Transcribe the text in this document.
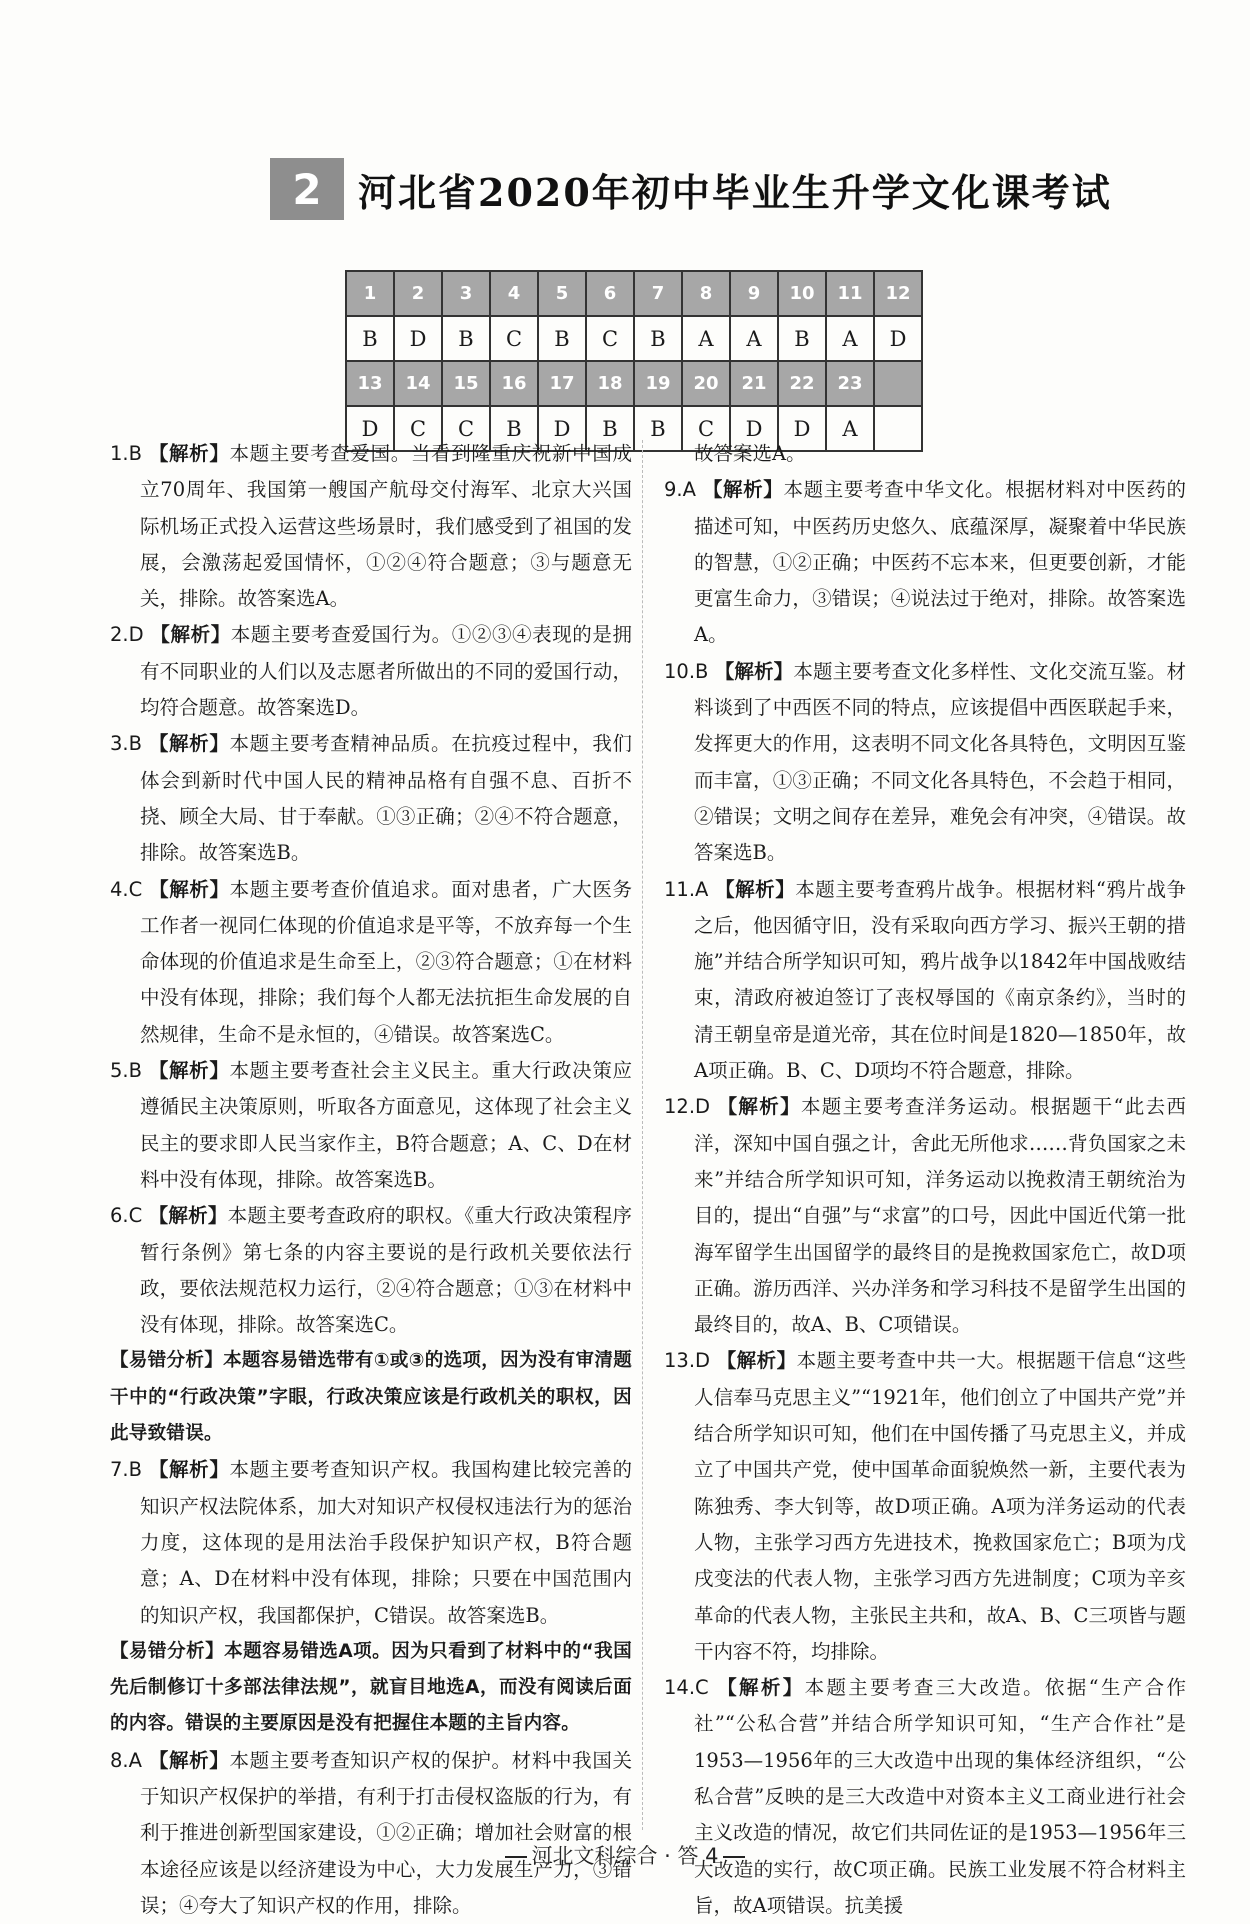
2 河北省2020年初中毕业生升学文化课考试
1	2	3	4	5	6	7	8	9	10	11	12
B	D	B	C	B	C	B	A	A	B	A	D
13	14	15	16	17	18	19	20	21	22	23	
D	C	C	B	D	B	B	C	D	D	A	

1.B 【解析】本题主要考查爱国。当看到隆重庆祝新中国成立70周年、我国第一艘国产航母交付海军、北京大兴国际机场正式投入运营这些场景时，我们感受到了祖国的发展，会激荡起爱国情怀，①②④符合题意；③与题意无关，排除。故答案选A。

2.D 【解析】本题主要考查爱国行为。①②③④表现的是拥有不同职业的人们以及志愿者所做出的不同的爱国行动，均符合题意。故答案选D。

3.B 【解析】本题主要考查精神品质。在抗疫过程中，我们体会到新时代中国人民的精神品格有自强不息、百折不挠、顾全大局、甘于奉献。①③正确；②④不符合题意，排除。故答案选B。

4.C 【解析】本题主要考查价值追求。面对患者，广大医务工作者一视同仁体现的价值追求是平等，不放弃每一个生命体现的价值追求是生命至上，②③符合题意；①在材料中没有体现，排除；我们每个人都无法抗拒生命发展的自然规律，生命不是永恒的，④错误。故答案选C。

5.B 【解析】本题主要考查社会主义民主。重大行政决策应遵循民主决策原则，听取各方面意见，这体现了社会主义民主的要求即人民当家作主，B符合题意；A、C、D在材料中没有体现，排除。故答案选B。

6.C 【解析】本题主要考查政府的职权。《重大行政决策程序暂行条例》第七条的内容主要说的是行政机关要依法行政，要依法规范权力运行，②④符合题意；①③在材料中没有体现，排除。故答案选C。

【易错分析】本题容易错选带有①或③的选项，因为没有审清题干中的“行政决策”字眼，行政决策应该是行政机关的职权，因此导致错误。

7.B 【解析】本题主要考查知识产权。我国构建比较完善的知识产权法院体系，加大对知识产权侵权违法行为的惩治力度，这体现的是用法治手段保护知识产权，B符合题意；A、D在材料中没有体现，排除；只要在中国范围内的知识产权，我国都保护，C错误。故答案选B。

【易错分析】本题容易错选A项。因为只看到了材料中的“我国先后制修订十多部法律法规”，就盲目地选A，而没有阅读后面的内容。错误的主要原因是没有把握住本题的主旨内容。

8.A 【解析】本题主要考查知识产权的保护。材料中我国关于知识产权保护的举措，有利于打击侵权盗版的行为，有利于推进创新型国家建设，①②正确；增加社会财富的根本途径应该是以经济建设为中心，大力发展生产力，③错误；④夸大了知识产权的作用，排除。

故答案选A。

9.A 【解析】本题主要考查中华文化。根据材料对中医药的描述可知，中医药历史悠久、底蕴深厚，凝聚着中华民族的智慧，①②正确；中医药不忘本来，但更要创新，才能更富生命力，③错误；④说法过于绝对，排除。故答案选A。

10.B 【解析】本题主要考查文化多样性、文化交流互鉴。材料谈到了中西医不同的特点，应该提倡中西医联起手来，发挥更大的作用，这表明不同文化各具特色，文明因互鉴而丰富，①③正确；不同文化各具特色，不会趋于相同，②错误；文明之间存在差异，难免会有冲突，④错误。故答案选B。

11.A 【解析】本题主要考查鸦片战争。根据材料“鸦片战争之后，他因循守旧，没有采取向西方学习、振兴王朝的措施”并结合所学知识可知，鸦片战争以1842年中国战败结束，清政府被迫签订了丧权辱国的《南京条约》，当时的清王朝皇帝是道光帝，其在位时间是1820—1850年，故A项正确。B、C、D项均不符合题意，排除。

12.D 【解析】本题主要考查洋务运动。根据题干“此去西洋，深知中国自强之计，舍此无所他求……背负国家之未来”并结合所学知识可知，洋务运动以挽救清王朝统治为目的，提出“自强”与“求富”的口号，因此中国近代第一批海军留学生出国留学的最终目的是挽救国家危亡，故D项正确。游历西洋、兴办洋务和学习科技不是留学生出国的最终目的，故A、B、C项错误。

13.D 【解析】本题主要考查中共一大。根据题干信息“这些人信奉马克思主义”“1921年，他们创立了中国共产党”并结合所学知识可知，他们在中国传播了马克思主义，并成立了中国共产党，使中国革命面貌焕然一新，主要代表为陈独秀、李大钊等，故D项正确。A项为洋务运动的代表人物，主张学习西方先进技术，挽救国家危亡；B项为戊戌变法的代表人物，主张学习西方先进制度；C项为辛亥革命的代表人物，主张民主共和，故A、B、C三项皆与题干内容不符，均排除。

14.C 【解析】本题主要考查三大改造。依据“生产合作社”“公私合营”并结合所学知识可知，“生产合作社”是1953—1956年的三大改造中出现的集体经济组织，“公私合营”反映的是三大改造中对资本主义工商业进行社会主义改造的情况，故它们共同佐证的是1953—1956年三大改造的实行，故C项正确。民族工业发展不符合材料主旨，故A项错误。抗美援

河北文科综合 · 答 4
